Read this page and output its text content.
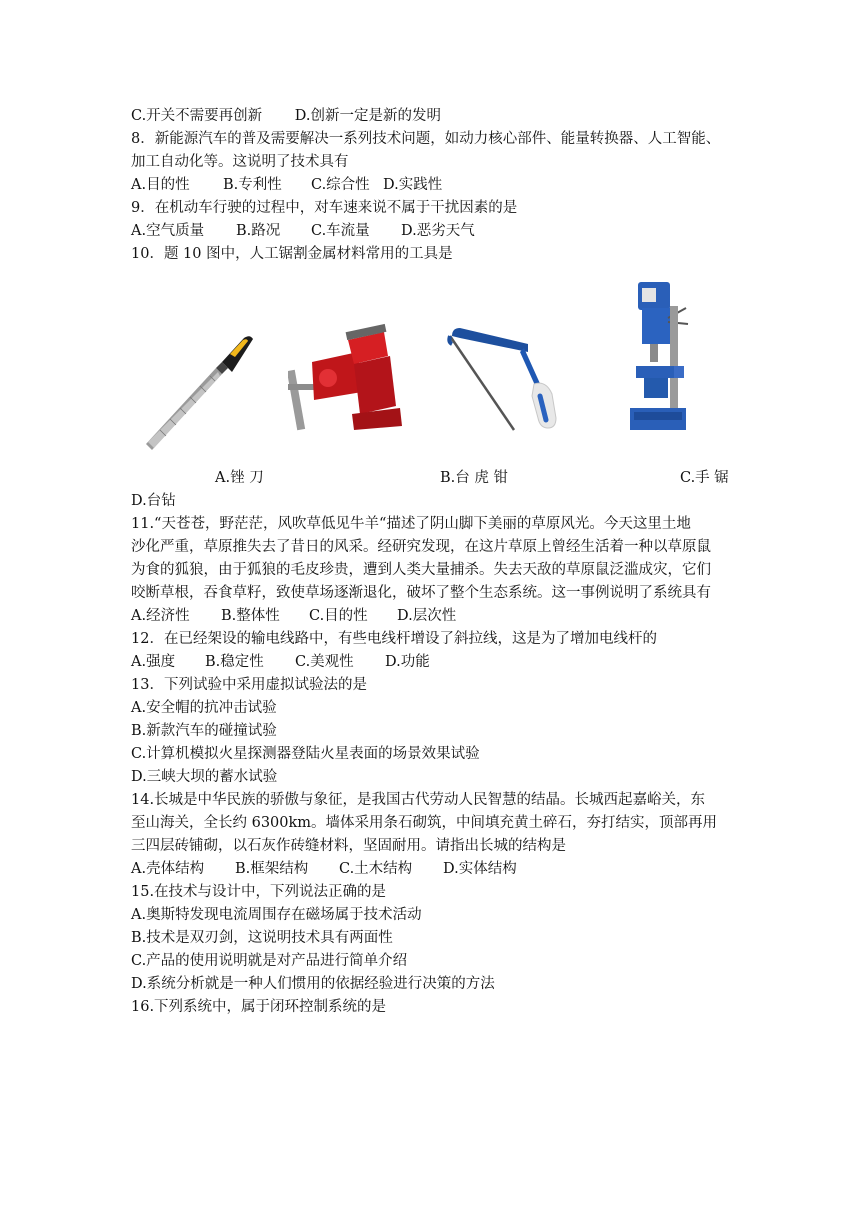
C.开关不需要再创新 D.创新一定是新的发明
8．新能源汽车的普及需要解决一系列技术问题，如动力核心部件、能量转换器、人工智能、
加工自动化等。这说明了技术具有
A.目的性 B.专利性 C.综合性 D.实践性
9．在机动车行驶的过程中，对车速来说不属于干扰因素的是
A.空气质量 B.路况 C.车流量 D.恶劣天气
10．题 10 图中，人工锯割金属材料常用的工具是
A.锉 刀	B.台 虎 钳	C.手 锯
D.台钻
11.“天苍苍，野茫茫，风吹草低见牛羊“描述了阴山脚下美丽的草原风光。今天这里土地
沙化严重，草原推失去了昔日的风采。经研究发现，在这片草原上曾经生活着一种以草原鼠
为食的狐狼，由于狐狼的毛皮珍贵，遭到人类大量捕杀。失去天敌的草原鼠泛滥成灾，它们
咬断草根，吞食草籽，致使草场逐渐退化，破坏了整个生态系统。这一事例说明了系统具有
A.经济性 B.整体性 C.目的性 D.层次性
12．在已经架设的输电线路中，有些电线杆增设了斜拉线，这是为了增加电线杆的
A.强度 B.稳定性 C.美观性 D.功能
13．下列试验中采用虚拟试验法的是
A.安全帽的抗冲击试验
B.新款汽车的碰撞试验
C.计算机模拟火星探测器登陆火星表面的场景效果试验
D.三峡大坝的蓄水试验
14.长城是中华民族的骄傲与象征，是我国古代劳动人民智慧的结晶。长城西起嘉峪关，东
至山海关，全长约 6300km。墙体采用条石砌筑，中间填充黄土碎石，夯打结实，顶部再用
三四层砖铺砌，以石灰作砖缝材料，坚固耐用。请指出长城的结构是
A.壳体结构 B.框架结构 C.土木结构 D.实体结构
15.在技术与设计中，下列说法正确的是
A.奥斯特发现电流周围存在磁场属于技术活动
B.技术是双刃剑，这说明技术具有两面性
C.产品的使用说明就是对产品进行简单介绍
D.系统分析就是一种人们惯用的依据经验进行决策的方法
16.下列系统中，属于闭环控制系统的是
